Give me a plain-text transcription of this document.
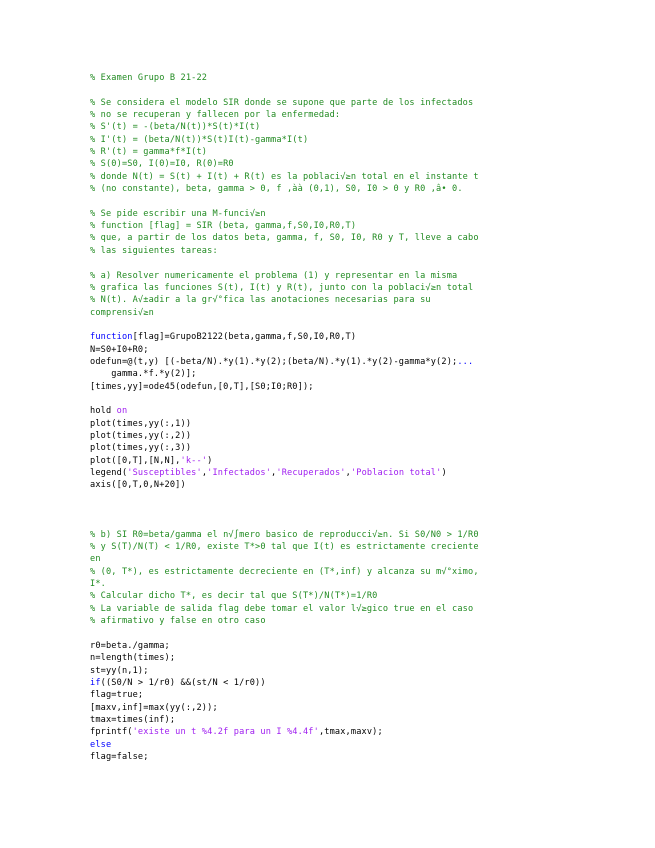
% Examen Grupo B 21-22
% Se considera el modelo SIR donde se supone que parte de los infectados
% no se recuperan y fallecen por la enfermedad:
% S'(t) = -(beta/N(t))*S(t)*I(t)
% I'(t) = (beta/N(t))*S(t)I(t)-gamma*I(t)
% R'(t) = gamma*f*I(t)
% S(0)=S0, I(0)=I0, R(0)=R0
% donde N(t) = S(t) + I(t) + R(t) es la poblaci√≥n total en el instante t
% (no constante), beta, gamma > 0, f ‚àà (0,1), S0, I0 > 0 y R0 ‚â• 0.
% Se pide escribir una M-funci√≥n
% function [flag] = SIR (beta, gamma,f,S0,I0,R0,T)
% que, a partir de los datos beta, gamma, f, S0, I0, R0 y T, lleve a cabo
% las siguientes tareas:
% a) Resolver numericamente el problema (1) y representar en la misma
% grafica las funciones S(t), I(t) y R(t), junto con la poblaci√≥n total
% N(t). A√±adir a la gr√°fica las anotaciones necesarias para su
comprensi√≥n
function[flag]=GrupoB2122(beta,gamma,f,S0,I0,R0,T)
N=S0+I0+R0;
odefun=@(t,y) [(-beta/N).*y(1).*y(2);(beta/N).*y(1).*y(2)-gamma*y(2);...
gamma.*f.*y(2)];
[times,yy]=ode45(odefun,[0,T],[S0;I0;R0]);
hold on
plot(times,yy(:,1))
plot(times,yy(:,2))
plot(times,yy(:,3))
plot([0,T],[N,N],'k--')
legend('Susceptibles','Infectados','Recuperados','Poblacion total')
axis([0,T,0,N+20])
% b) SI R0=beta/gamma el n√∫mero basico de reproducci√≥n. Si S0/N0 > 1/R0
% y S(T)/N(T) < 1/R0, existe T*>0 tal que I(t) es estrictamente creciente
en
% (0, T*), es estrictamente decreciente en (T*,inf) y alcanza su m√°ximo,
I*.
% Calcular dicho T*, es decir tal que S(T*)/N(T*)=1/R0
% La variable de salida flag debe tomar el valor l√≥gico true en el caso
% afirmativo y false en otro caso
r0=beta./gamma;
n=length(times);
st=yy(n,1);
if((S0/N > 1/r0) &&(st/N < 1/r0))
flag=true;
[maxv,inf]=max(yy(:,2));
tmax=times(inf);
fprintf('existe un t %4.2f para un I %4.4f',tmax,maxv);
else
flag=false;
